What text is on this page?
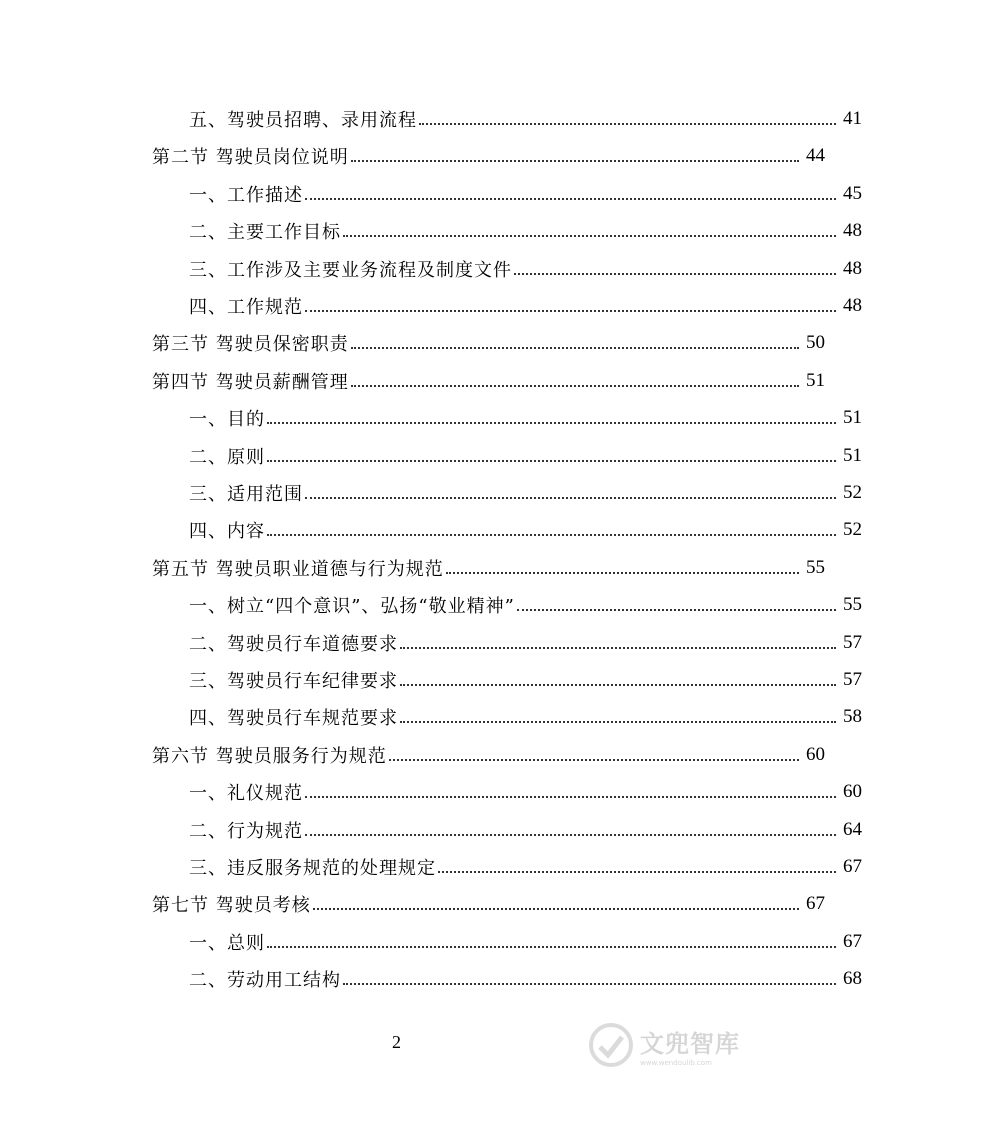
五、驾驶员招聘、录用流程	41
第二节 驾驶员岗位说明	44
一、工作描述	45
二、主要工作目标	48
三、工作涉及主要业务流程及制度文件	48
四、工作规范	48
第三节 驾驶员保密职责	50
第四节 驾驶员薪酬管理	51
一、目的	51
二、原则	51
三、适用范围	52
四、内容	52
第五节 驾驶员职业道德与行为规范	55
一、树立“四个意识”、弘扬“敬业精神”	55
二、驾驶员行车道德要求	57
三、驾驶员行车纪律要求	57
四、驾驶员行车规范要求	58
第六节 驾驶员服务行为规范	60
一、礼仪规范	60
二、行为规范	64
三、违反服务规范的处理规定	67
第七节 驾驶员考核	67
一、总则	67
二、劳动用工结构	68
2	文兜智库
www.wendoulib.com
